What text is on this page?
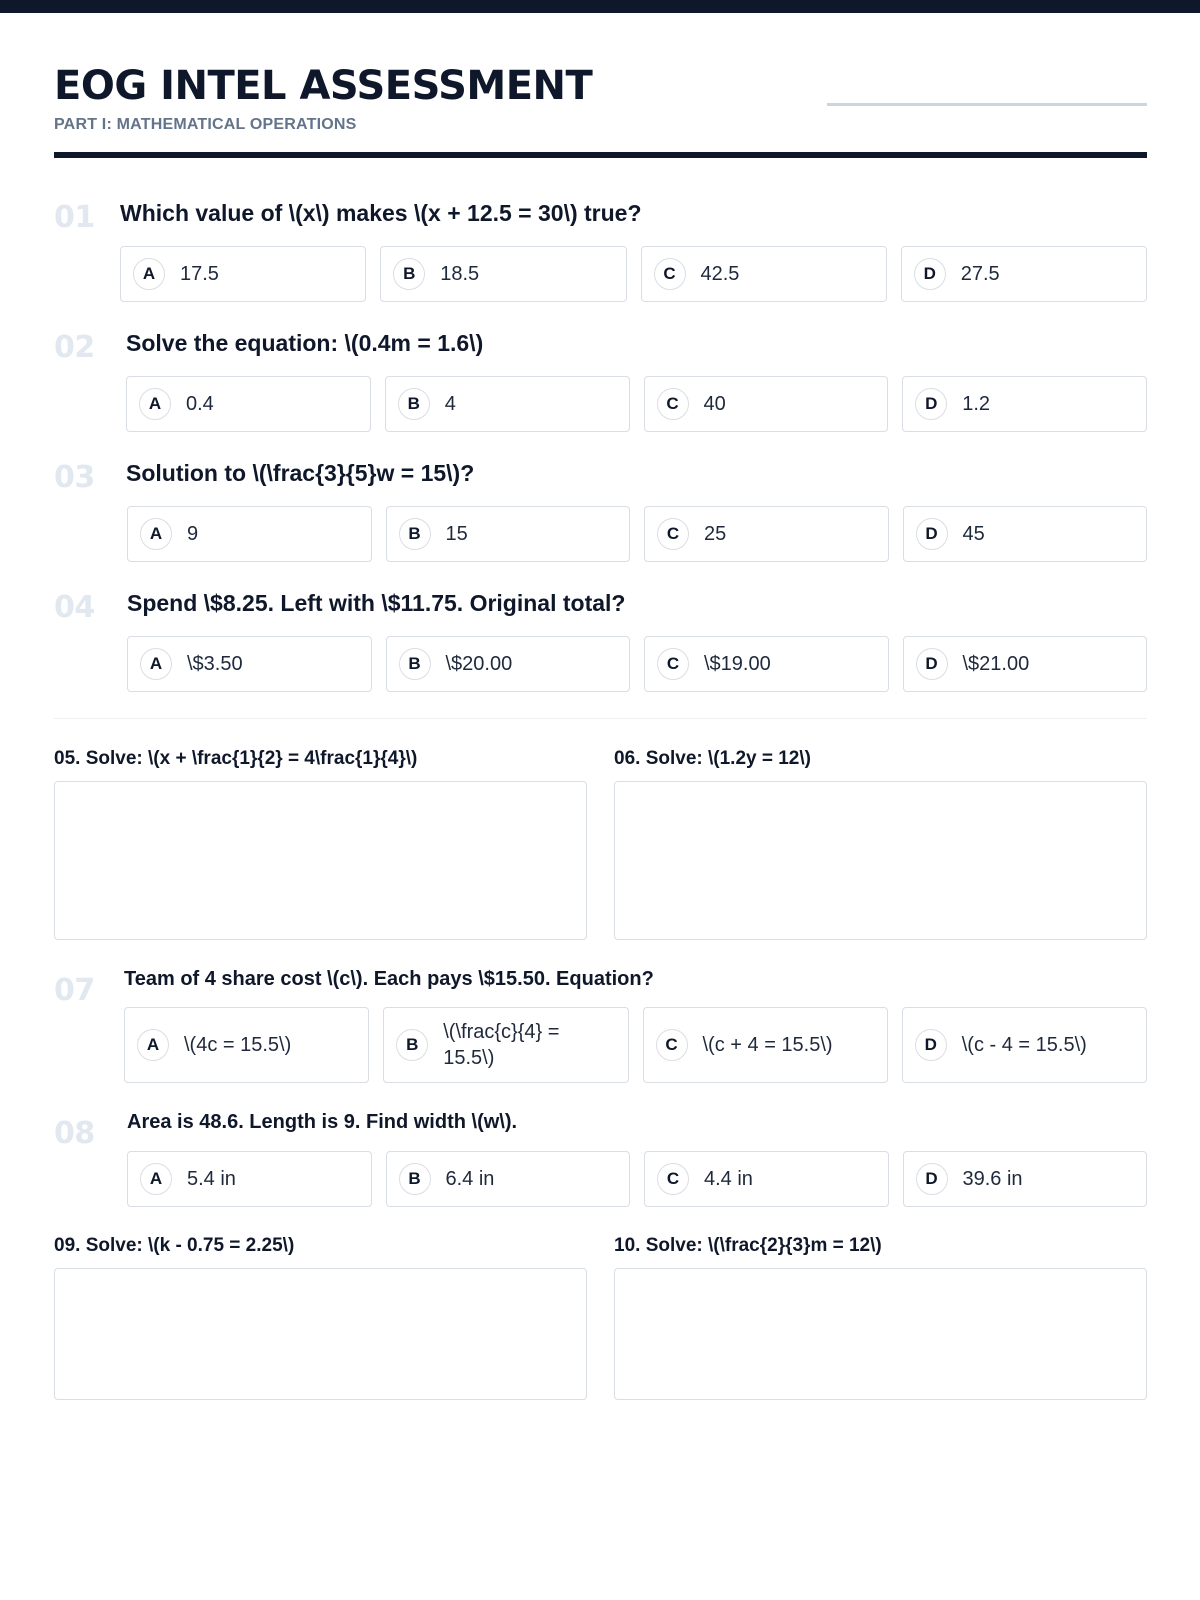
EOG INTEL ASSESSMENT
PART I: MATHEMATICAL OPERATIONS
01 Which value of \(x\) makes \(x + 12.5 = 30\) true?
A	17.5	B	18.5	C	42.5	D	27.5
02 Solve the equation: \(0.4m = 1.6\)
A	0.4	B	4	C	40	D	1.2
03 Solution to \(\frac{3}{5}w = 15\)?
A	9	B	15	C	25	D	45
04 Spend \$8.25. Left with \$11.75. Original total?
A	\$3.50	B	\$20.00	C	\$19.00	D	\$21.00
05. Solve: \(x + \frac{1}{2} = 4\frac{1}{4}\)	06. Solve: \(1.2y = 12\)
07 Team of 4 share cost \(c\). Each pays \$15.50. Equation?
A	\(4c = 15.5\)	B
\(\frac{c}{4} = 15.5\)
C	\(c + 4 = 15.5\)	D	\(c - 4 = 15.5\)
08 Area is 48.6. Length is 9. Find width \(w\).
A	5.4 in	B	6.4 in	C	4.4 in	D	39.6 in
09. Solve: \(k - 0.75 = 2.25\)	10. Solve: \(\frac{2}{3}m = 12\)
